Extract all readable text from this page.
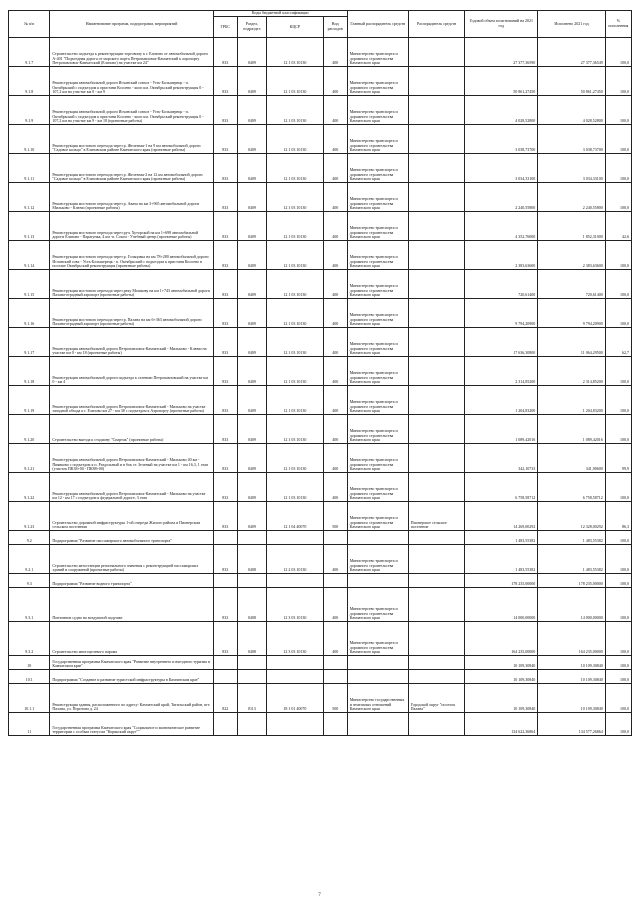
№ п/п	Наименование программ, подпрограмм, мероприятий	Коды бюджетной классификации				Главный распорядитель средств	Распорядитель средств	Годовой объем ассигнований на 2021 год	Исполнено 2021 год	% исполнения
		ГРБС	Раздел, подраздел	КЦСР	Вид расходов					
9.1.7	Строительство подъезда к реконструкции торговому к г. Елизово от автомобильной дороги А-401 "Подъездная дорога от морского порта Петропавловск-Камчатский к аэропорту Петропавловск-Камчатский (Елизово) на участке км 24"	833	0409	12 1 03 10130	400	Министерство транспорта и дорожного строительства Камчатского края		27 377,36590	27 377,36549	100,0
9.1.8	Реконструкция автомобильной дороги Исчанский совхоз - Усть-Большерецк - п. Октябрьский с подъездом к пристани Косоево - кооп км. Октябрьский реконструкция 0 - 107,2 км на участке км 0 - км 9	833	0409	12 1 03 10130	400	Министерство транспорта и дорожного строительства Камчатского края		50 861,27450	50 861,27450	100,0
9.1.9	Реконструкция автомобильной дороги Исчанский совхоз - Усть-Большерецк - п. Октябрьский с подъездом к пристани Косоево - кооп км. Октябрьский реконструкция 0 - 107,2 км на участке км 9 - км 18 (проектные работы)	833	0409	12 1 03 10130	400	Министерство транспорта и дорожного строительства Камчатского края		4 028,52800	4 028,52800	100,0
9.1.10	Реконструкция мостового перехода через р. Железная-1 на 9 км автомобильной дороги "Садовое кольцо" в Елизовском районе Камчатского края (проектные работы)	833	0409	12 1 03 10130	400	Министерство транспорта и дорожного строительства Камчатского края		3 038,73700	3 038,73700	100,0
9.1.11	Реконструкция мостового перехода через р. Железная-2 на 12 км автомобильной дороги "Садовое кольцо" в Елизовском районе Камчатского края (проектные работы)	833	0409	12 1 03 10130	400	Министерство транспорта и дорожного строительства Камчатского края		3 034,33100	3 034,33100	100,0
9.1.12	Реконструкция мостового перехода через р. Авача на км 3+965 автомобильной дороги Мильково - Ключи (проектные работы)	833	0409	12 1 03 10130	400	Министерство транспорта и дорожного строительства Камчатского края		2 240,55800	2 240,55800	100,0
9.1.13	Реконструкция мостового перехода через руч. Хуторской на км 1+698 автомобильной дороги Елизово - Паратунка, 4 км -п. Сокоч - Учебный центр (проектные работы)	833	0409	12 1 03 10130	400	Министерство транспорта и дорожного строительства Камчатского края		4 352,76000	1 852,31000	42,6
9.1.14	Реконструкция мостового перехода через р. Гольцовка на км 78+280 автомобильной дороги Исчанский совх - Усть-Большерецк - п. Октябрьский с подъездом к пристани Косоево в поселке Октябрьский реконструкция (проектные работы)	833	0409	12 1 03 10130	400	Министерство транспорта и дорожного строительства Камчатского края		2 383,63600	2 383,63600	100,0
9.1.15	Реконструкция мостового перехода через реку Мошкову на км 1+743 автомобильной дороги Палана-отрадный аэропорт (проектные работы)	833	0409	12 1 03 10130	400	Министерство транспорта и дорожного строительства Камчатского края		720,61400	720,61400	100,0
9.1.16	Реконструкция мостового перехода через р. Палана на км 6+363 автомобильной дороги Палана-отрадный аэропорт (проектные работы)	833	0409	12 1 03 10130	400	Министерство транспорта и дорожного строительства Камчатского края		9 794,20900	9 794,20900	100,0
9.1.17	Реконструкция автомобильной дороги Петропавловск-Камчатский - Мильково - Ключи на участке км 0 - км 18 (проектные работы)	833	0409	12 1 03 10130	400	Министерство транспорта и дорожного строительства Камчатского края		17 636,30800	11 064,29500	62,7
9.1.18	Реконструкция автомобильной дороги подъезда к селению Петропавловский на участке км 0 - км 4	833	0409	12 1 03 10130	400	Министерство транспорта и дорожного строительства Камчатского края		2 314,85200	2 314,85200	100,0
9.1.19	Реконструкция автомобильной дороги Петропавловск-Камчатский - Мильково на участке западной обхода к г. Елизово км 27 - км 38 с подъездом к Аэропорту (проектные работы)	833	0409	12 1 03 10130	400	Министерство транспорта и дорожного строительства Камчатского края		1 204,83200	1 204,83200	100,0
9.1.20	Строительство выезда к стадиону "Спартак" (проектные работы)	833	0409	12 1 03 10130	400	Министерство транспорта и дорожного строительства Камчатского края		1 089,42016	1 089,42016	100,0
9.1.21	Реконструкция автомобильной дороги Петропавловск-Камчатский - Мильково 40 км - Пиявково с подъездом к п. Раздольный и в бок ст. Зеленый на участке км 1 - км 16,3, 1 этап (участок ПК38+00 - ПК88+00)	833	0409	12 1 03 10130	400	Министерство транспорта и дорожного строительства Камчатского края		342,10733	341,90600	99,9
9.1.22	Реконструкция автомобильной дороги Петропавловск-Камчатский - Мильково на участке км 12 - км 17 с подъездом к федеральной дороге, 3 этап	833	0409	12 1 03 10130	400	Министерство транспорта и дорожного строительства Камчатского края		6 758,58712	6 758,58712	100,0
9.1.23	Строительство дорожной инфраструктуры 1-ой очереди Жилого района в Пионерском сельском поселении	833	0409	12 1 04 40070	500	Министерство транспорта и дорожного строительства Камчатского края	Пионерское сельское поселение	14 269,00292	12 328,00292	86,3
9.2	Подпрограмма "Развитие пассажирского автомобильного транспорта"							1 483,55382	1 483,55382	100,0
9.2.1	Строительство автостанции регионального значения с реконструкцией пассажирских зданий и сооружений (проектные работы)	833	0408	12 2 03 10130	400	Министерство транспорта и дорожного строительства Камчатского края		1 483,55382	1 483,55382	100,0
9.3	Подпрограмма "Развитие водного транспорта"							178 235,00000	178 235,00000	100,0
9.3.1	Понтоннов судно на воздушной подушке	833	0408	12 3 03 10130	400	Министерство транспорта и дорожного строительства Камчатского края		14 000,00000	14 000,00000	100,0
9.3.2	Строительство многоцелевого парома	833	0408	12 3 03 10130	400	Министерство транспорта и дорожного строительства Камчатского края		164 235,00000	164 235,00000	100,0
10	Государственная программа Камчатского края "Развитие внутреннего и въездного туризма в Камчатском крае"							10 109,30840	10 109,30840	100,0
10.1	Подпрограмма "Создание и развитие туристской инфраструктуры в Камчатском крае"							10 109,30840	10 109,30840	100,0
10.1.1	Реконструкция здания, расположенного по адресу: Камчатский край, Тигильский район, пгт. Палана, ул. Поротова д. 24	822	0113	18 1 01 40070	500	Министерство государственных и земельных отношений Камчатского края	Городской округ "поселок Палана"	10 109,30840	10 109,30840	100,0
11	Государственная программа Камчатского края "Социальное и экономическое развитие территории с особым статусом "Корякский округ""							134 622,36864	134 577,26864	100,0
7
